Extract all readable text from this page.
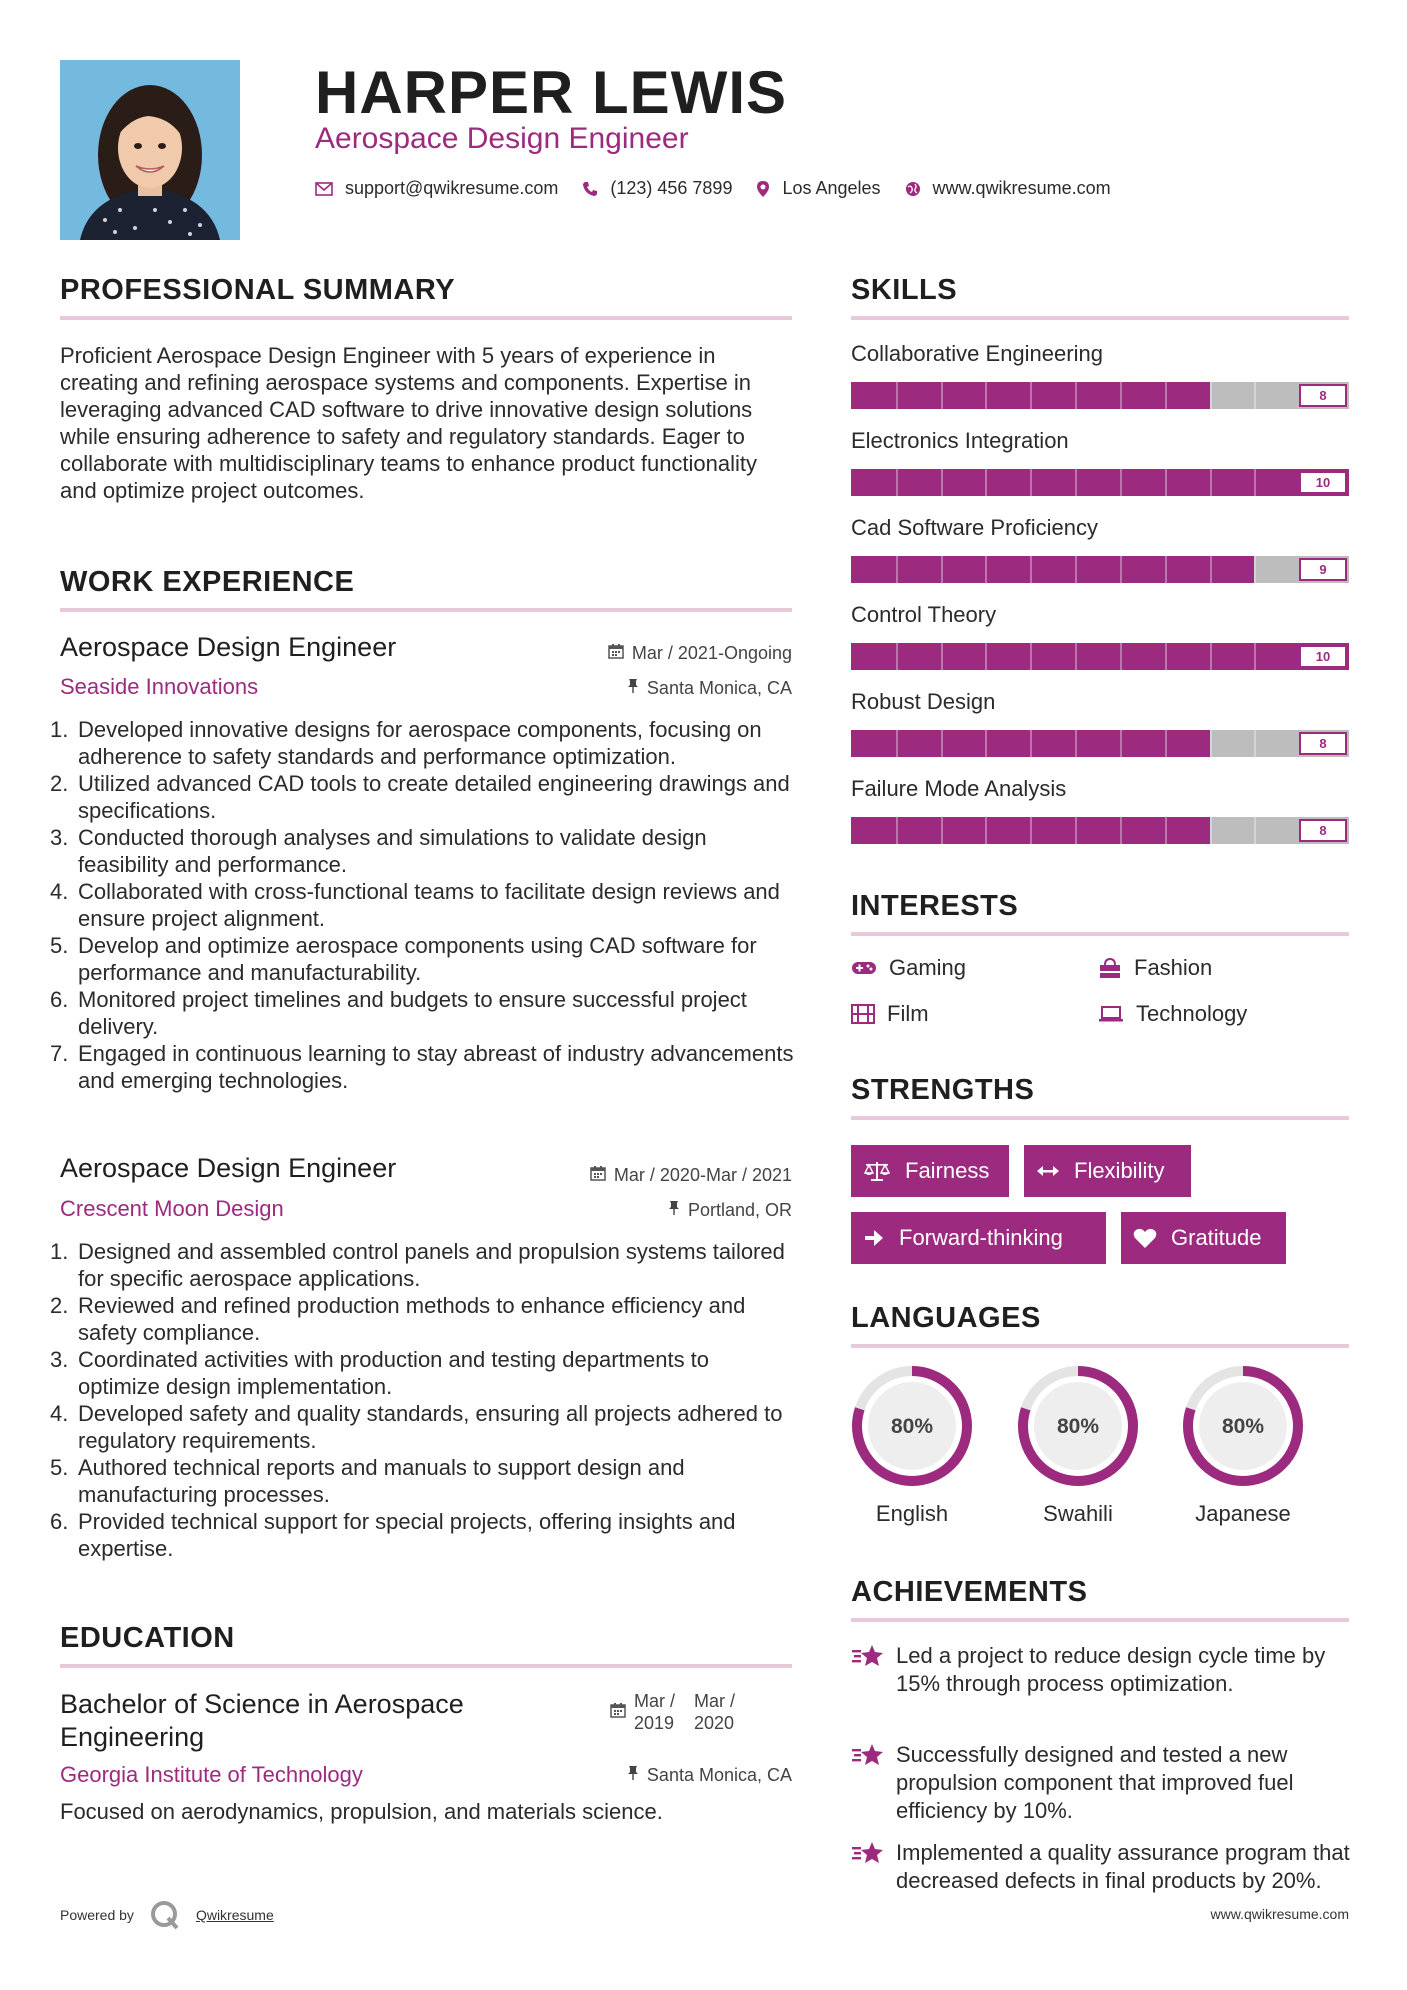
HARPER LEWIS
Aerospace Design Engineer
support@qwikresume.com	(123) 456 7899	Los Angeles	www.qwikresume.com
PROFESSIONAL SUMMARY
Proficient Aerospace Design Engineer with 5 years of experience in creating and refining aerospace systems and components. Expertise in leveraging advanced CAD software to drive innovative design solutions while ensuring adherence to safety and regulatory standards. Eager to collaborate with multidisciplinary teams to enhance product functionality and optimize project outcomes.
WORK EXPERIENCE
Aerospace Design Engineer	Mar / 2021-Ongoing
Seaside Innovations	Santa Monica, CA
1. Developed innovative designs for aerospace components, focusing on adherence to safety standards and performance optimization.
2. Utilized advanced CAD tools to create detailed engineering drawings and specifications.
3. Conducted thorough analyses and simulations to validate design feasibility and performance.
4. Collaborated with cross-functional teams to facilitate design reviews and ensure project alignment.
5. Develop and optimize aerospace components using CAD software for performance and manufacturability.
6. Monitored project timelines and budgets to ensure successful project delivery.
7. Engaged in continuous learning to stay abreast of industry advancements and emerging technologies.
Aerospace Design Engineer	Mar / 2020-Mar / 2021
Crescent Moon Design	Portland, OR
1. Designed and assembled control panels and propulsion systems tailored for specific aerospace applications.
2. Reviewed and refined production methods to enhance efficiency and safety compliance.
3. Coordinated activities with production and testing departments to optimize design implementation.
4. Developed safety and quality standards, ensuring all projects adhered to regulatory requirements.
5. Authored technical reports and manuals to support design and manufacturing processes.
6. Provided technical support for special projects, offering insights and expertise.
EDUCATION
Bachelor of Science in Aerospace
Engineering
Mar / 2019
Mar / 2020
Georgia Institute of Technology	Santa Monica, CA
Focused on aerodynamics, propulsion, and materials science.
SKILLS
Collaborative Engineering
8
Electronics Integration
10
Cad Software Proficiency
9
Control Theory
10
Robust Design
8
Failure Mode Analysis
8
INTERESTS
Gaming	Fashion
Film	Technology
STRENGTHS
Fairness	Flexibility
Forward-thinking	Gratitude
LANGUAGES
80%
English
80%
Swahili
80%
Japanese
ACHIEVEMENTS
Led a project to reduce design cycle time by 15% through process optimization.
Successfully designed and tested a new propulsion component that improved fuel efficiency by 10%.
Implemented a quality assurance program that decreased defects in final products by 20%.
Powered by	Qwikresume	www.qwikresume.com
